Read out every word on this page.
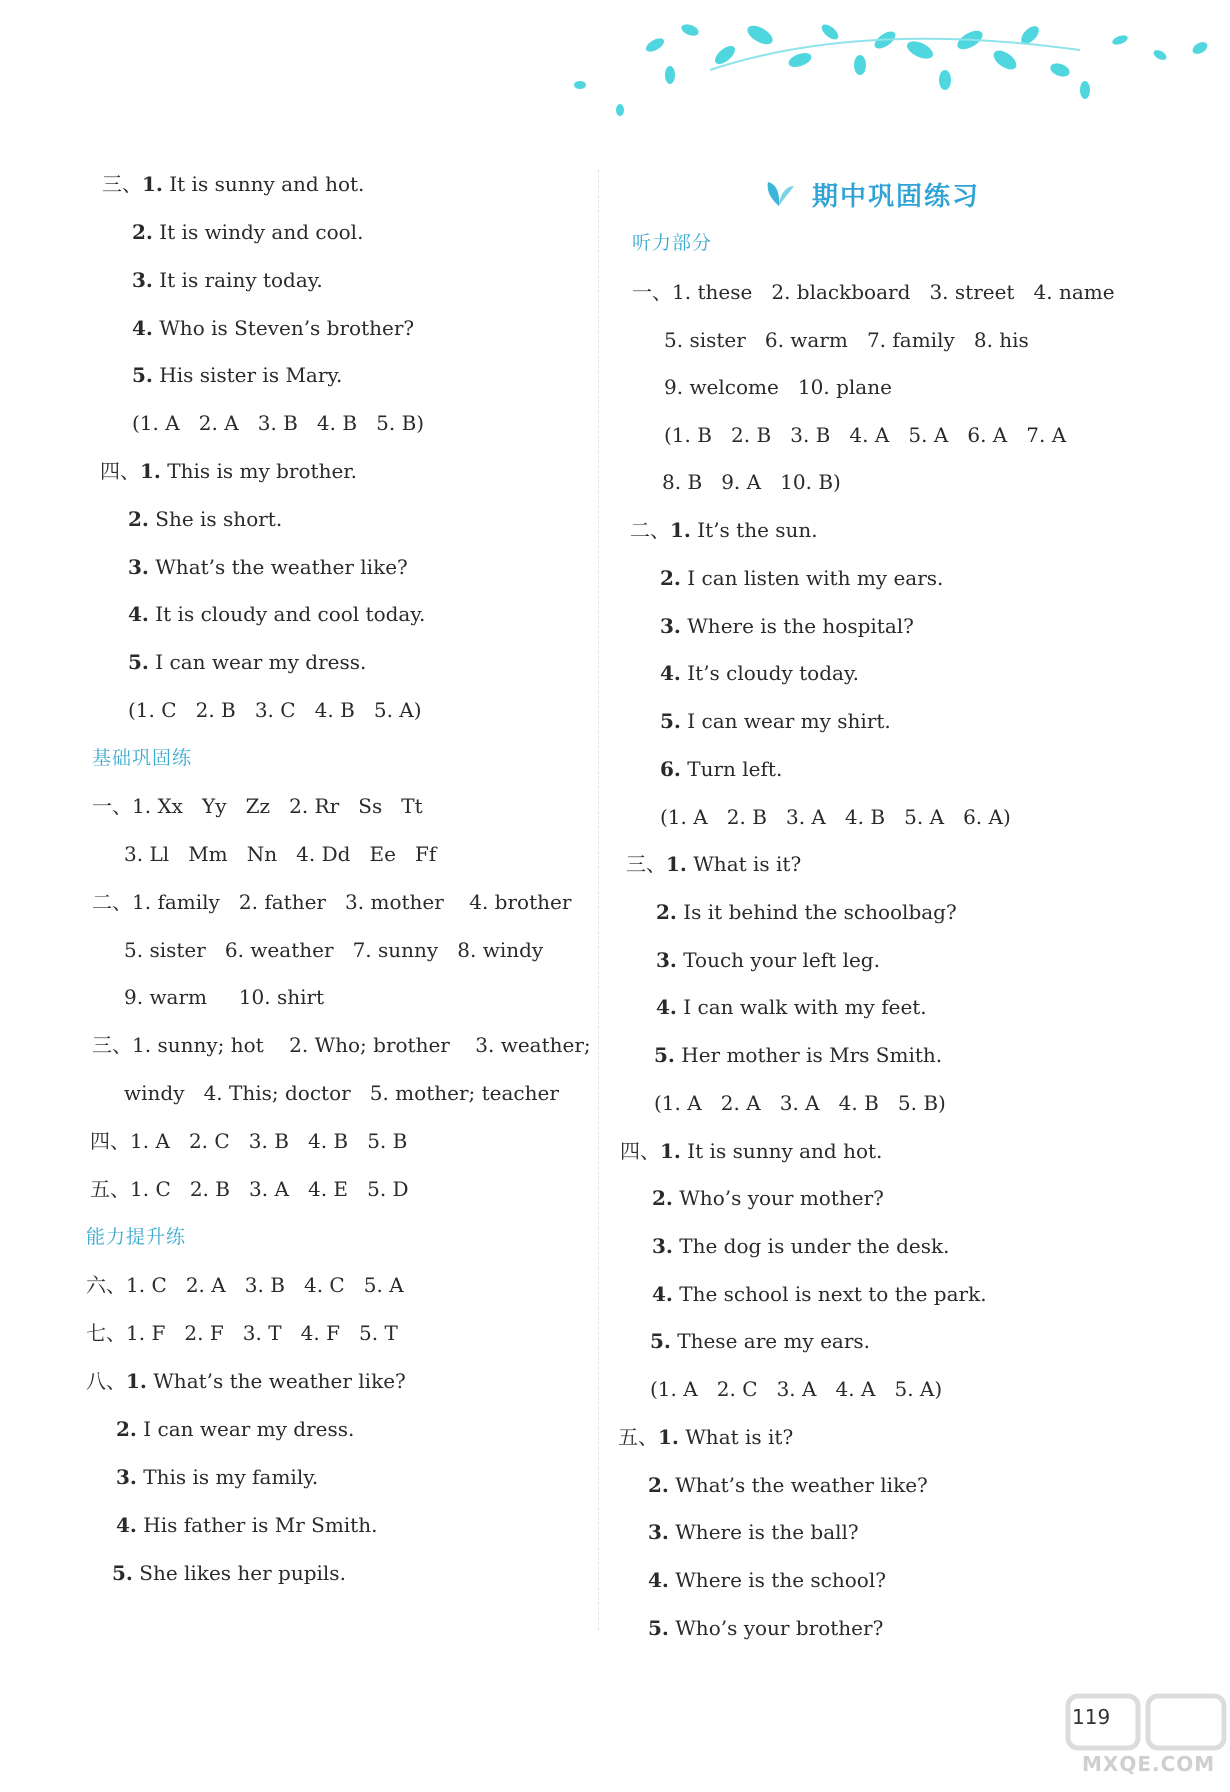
三、1. It is sunny and hot.
2. It is windy and cool.
3. It is rainy today.
4. Who is Steven’s brother?
5. His sister is Mary.
(1. A   2. A   3. B   4. B   5. B)
四、1. This is my brother.
2. She is short.
3. What’s the weather like?
4. It is cloudy and cool today.
5. I can wear my dress.
(1. C   2. B   3. C   4. B   5. A)
基础巩固练
一、1. Xx   Yy   Zz   2. Rr   Ss   Tt
3. Ll   Mm   Nn   4. Dd   Ee   Ff
二、1. family   2. father   3. mother    4. brother
5. sister   6. weather   7. sunny   8. windy
9. warm     10. shirt
三、1. sunny; hot    2. Who; brother    3. weather;
windy   4. This; doctor   5. mother; teacher
四、1. A   2. C   3. B   4. B   5. B
五、1. C   2. B   3. A   4. E   5. D
能力提升练
六、1. C   2. A   3. B   4. C   5. A
七、1. F   2. F   3. T   4. F   5. T
八、1. What’s the weather like?
2. I can wear my dress.
3. This is my family.
4. His father is Mr Smith.
5. She likes her pupils.
期中巩固练习
听力部分
一、1. these   2. blackboard   3. street   4. name
5. sister   6. warm   7. family   8. his
9. welcome   10. plane
(1. B   2. B   3. B   4. A   5. A   6. A   7. A
8. B   9. A   10. B)
二、1. It’s the sun.
2. I can listen with my ears.
3. Where is the hospital?
4. It’s cloudy today.
5. I can wear my shirt.
6. Turn left.
(1. A   2. B   3. A   4. B   5. A   6. A)
三、1. What is it?
2. Is it behind the schoolbag?
3. Touch your left leg.
4. I can walk with my feet.
5. Her mother is Mrs Smith.
(1. A   2. A   3. A   4. B   5. B)
四、1. It is sunny and hot.
2. Who’s your mother?
3. The dog is under the desk.
4. The school is next to the park.
5. These are my ears.
(1. A   2. C   3. A   4. A   5. A)
五、1. What is it?
2. What’s the weather like?
3. Where is the ball?
4. Where is the school?
5. Who’s your brother?
119
MXQE.COM
